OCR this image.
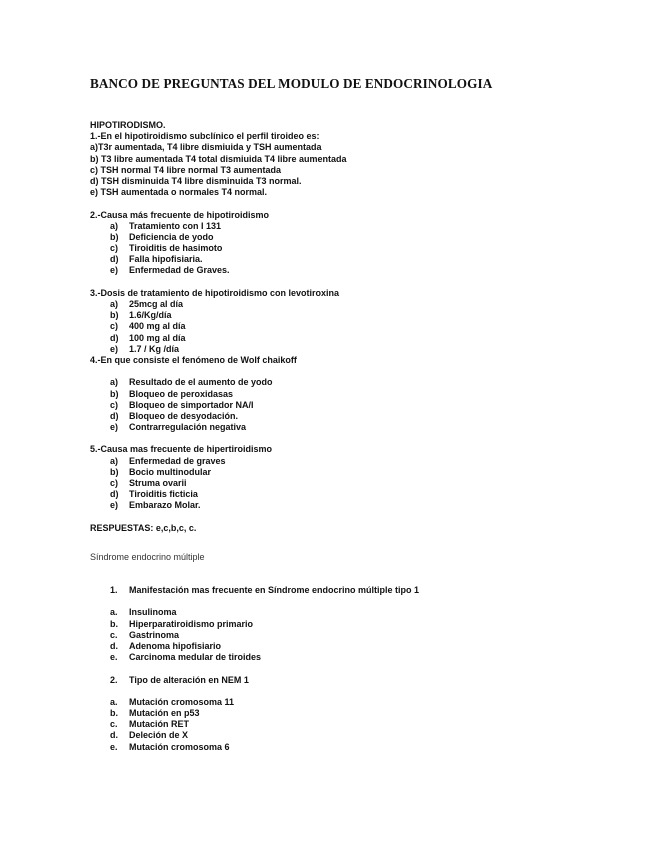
BANCO DE PREGUNTAS DEL MODULO DE ENDOCRINOLOGIA
HIPOTIRODISMO.
1.-En el hipotiroidismo subclínico el perfil tiroideo es:
a)T3r aumentada, T4 libre dismiuida y TSH aumentada
b) T3 libre aumentada T4 total dismiuida T4 libre aumentada
c) TSH normal T4 libre normal T3 aumentada
d) TSH disminuida T4 libre disminuida T3 normal.
e) TSH aumentada o normales T4 normal.
2.-Causa más frecuente de hipotiroidismo
a)	Tratamiento con I 131
b)	Deficiencia de yodo
c)	Tiroiditis de hasimoto
d)	Falla hipofisiaria.
e)	Enfermedad de Graves.
3.-Dosis de tratamiento de hipotiroidismo con levotiroxina
a)	25mcg al día
b)	1.6/Kg/día
c)	400 mg al día
d)	100 mg al día
e)	1.7 / Kg /día
4.-En que consiste el fenómeno de Wolf chaikoff
a)	Resultado de el aumento de yodo
b)	Bloqueo de peroxidasas
c)	Bloqueo de simportador NA/I
d)	Bloqueo de desyodación.
e)	Contrarregulación negativa
5.-Causa mas frecuente de hipertiroidismo
a)	Enfermedad de graves
b)	Bocio multinodular
c)	Struma ovarii
d)	Tiroiditis ficticia
e)	Embarazo Molar.
RESPUESTAS: e,c,b,c, c.
Síndrome endocrino múltiple
1.	Manifestación mas frecuente en Síndrome endocrino múltiple tipo 1
a.	Insulinoma
b.	Hiperparatiroidismo primario
c.	Gastrinoma
d.	Adenoma hipofisiario
e.	Carcinoma medular de tiroides
2.	Tipo de alteración en NEM 1
a.	Mutación cromosoma 11
b.	Mutación en p53
c.	Mutación RET
d.	Deleción de X
e.	Mutación cromosoma 6
